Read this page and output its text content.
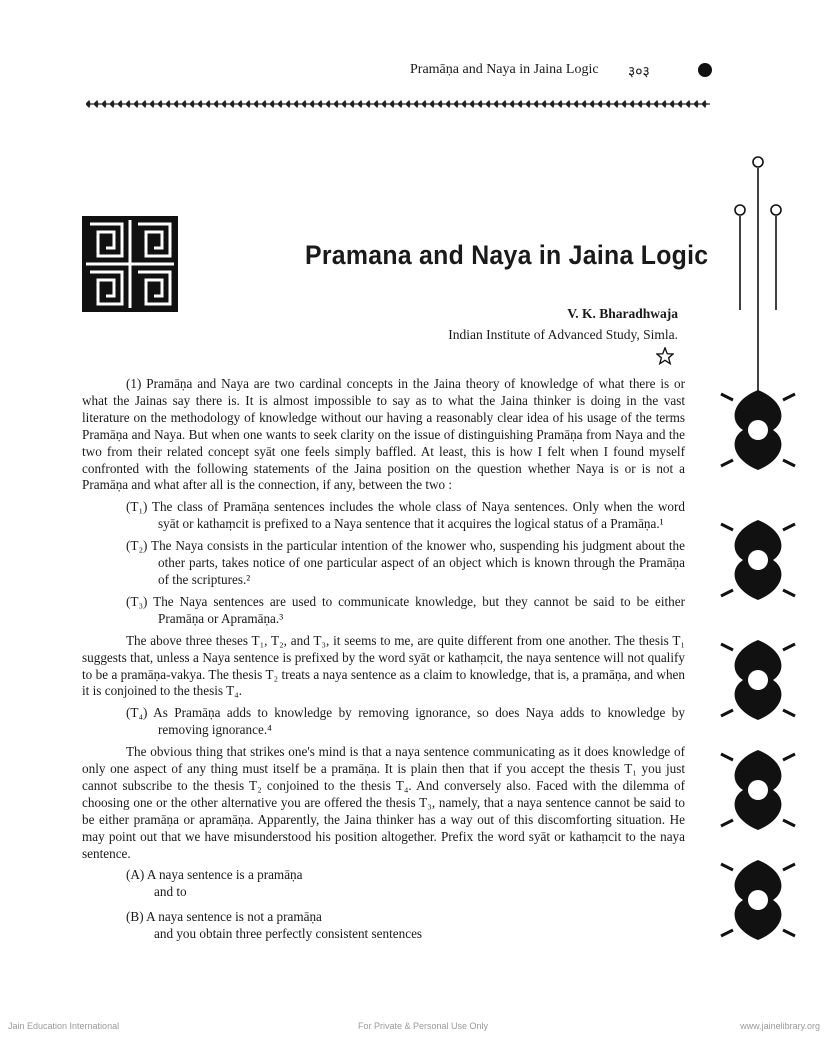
Pramāṇa and Naya in Jaina Logic ३०३
Pramana and Naya in Jaina Logic
V. K. Bharadhwaja
Indian Institute of Advanced Study, Simla.

(1) Pramāṇa and Naya are two cardinal concepts in the Jaina theory of knowledge of what there is or what the Jainas say there is. It is almost impossible to say as to what the Jaina thinker is doing in the vast literature on the methodology of knowledge without our having a reasonably clear idea of his usage of the terms Pramāṇa and Naya. But when one wants to seek clarity on the issue of distinguishing Pramāṇa from Naya and the two from their related concept syāt one feels simply baffled. At least, this is how I felt when I found myself confronted with the following statements of the Jaina position on the question whether Naya is or is not a Pramāṇa and what after all is the connection, if any, between the two :

(T₁) The class of Pramāṇa sentences includes the whole class of Naya sentences. Only when the word syāt or kathaṃcit is prefixed to a Naya sentence that it acquires the logical status of a Pramāṇa.¹

(T₂) The Naya consists in the particular intention of the knower who, suspending his judgment about the other parts, takes notice of one particular aspect of an object which is known through the Pramāṇa of the scriptures.²

(T₃) The Naya sentences are used to communicate knowledge, but they cannot be said to be either Pramāṇa or Apramāṇa.³

The above three theses T₁, T₂, and T₃, it seems to me, are quite different from one another. The thesis T₁ suggests that, unless a Naya sentence is prefixed by the word syāt or kathaṃcit, the naya sentence will not qualify to be a pramāṇa-vakya. The thesis T₂ treats a naya sentence as a claim to knowledge, that is, a pramāṇa, and when it is conjoined to the thesis T₄.

(T₄) As Pramāṇa adds to knowledge by removing ignorance, so does Naya adds to knowledge by removing ignorance.⁴

The obvious thing that strikes one's mind is that a naya sentence communicating as it does knowledge of only one aspect of any thing must itself be a pramāṇa. It is plain then that if you accept the thesis T₁ you just cannot subscribe to the thesis T₂ conjoined to the thesis T₄. And conversely also. Faced with the dilemma of choosing one or the other alternative you are offered the thesis T₃, namely, that a naya sentence cannot be said to be either pramāṇa or apramāṇa. Apparently, the Jaina thinker has a way out of this discomforting situation. He may point out that we have misunderstood his position altogether. Prefix the word syāt or kathaṃcit to the naya sentence.

(A) A naya sentence is a pramāṇa
and to
(B) A naya sentence is not a pramāṇa
and you obtain three perfectly consistent sentences
Jain Education International	For Private & Personal Use Only	www.jainelibrary.org
